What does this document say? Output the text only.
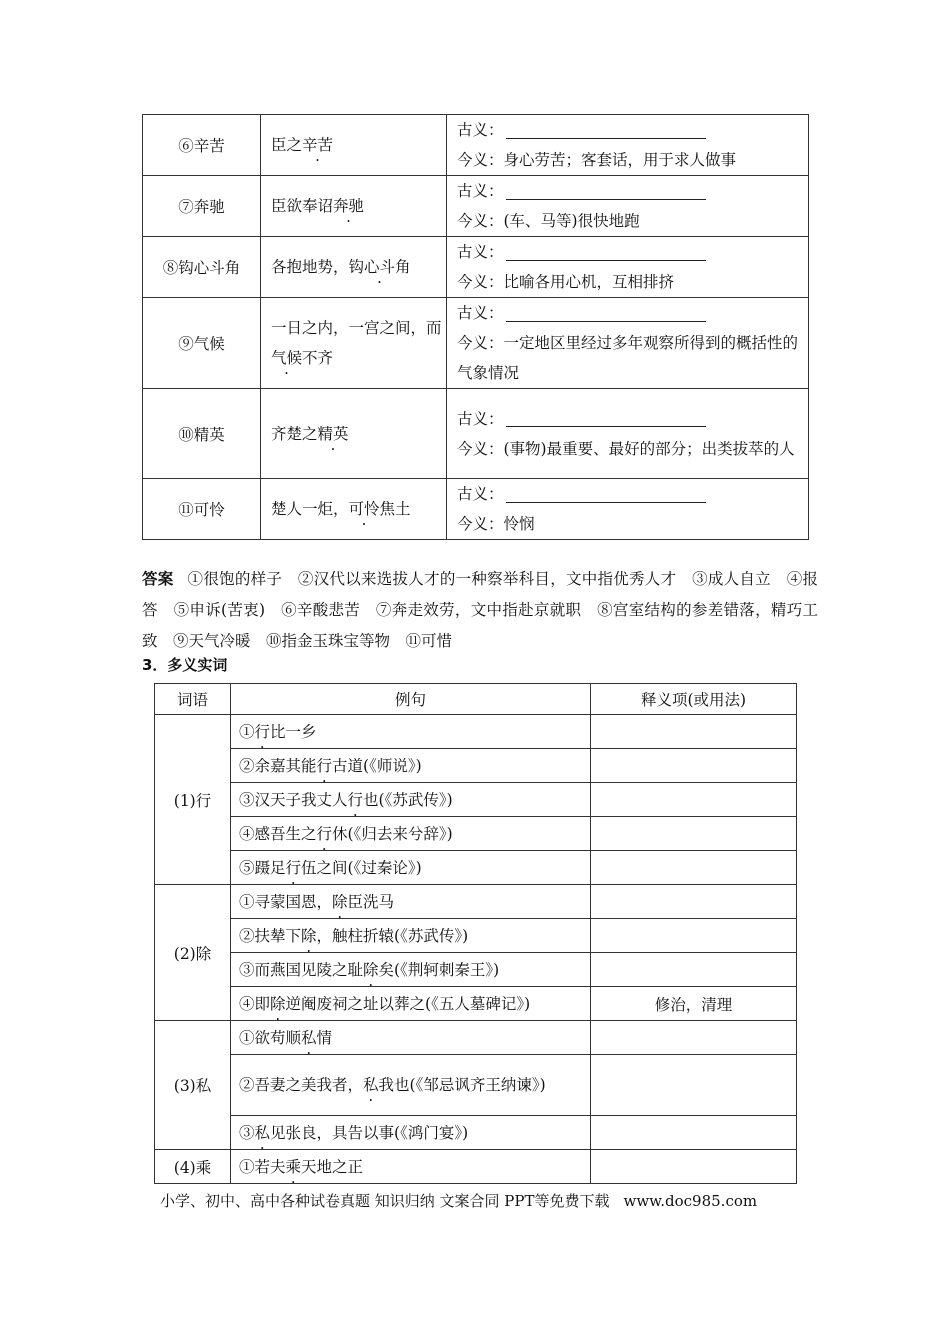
⑥辛苦	臣之辛苦	古义：
今义：身心劳苦；客套话，用于求人做事

⑦奔驰	臣欲奉诏奔驰	古义：
今义：(车、马等)很快地跑

⑧钩心斗角	各抱地势，钩心斗角	古义：
今义：比喻各用心机，互相排挤

⑨气候	一日之内，一宫之间，而气候不齐	古义：
今义：一定地区里经过多年观察所得到的概括性的气象情况

⑩精英	齐楚之精英	古义：
今义：(事物)最重要、最好的部分；出类拔萃的人

⑪可怜	楚人一炬，可怜焦土	古义：
今义：怜悯
答案 ①很饱的样子　②汉代以来选拔人才的一种察举科目，文中指优秀人才　③成人自立　④报答　⑤申诉(苦衷)　⑥辛酸悲苦　⑦奔走效劳，文中指赴京就职　⑧宫室结构的参差错落，精巧工致　⑨天气冷暖　⑩指金玉珠宝等物　⑪可惜
3．多义实词
词语	例句	释义项(或用法)
(1)行	①行比一乡	
	②余嘉其能行古道(《师说》)	
	③汉天子我丈人行也(《苏武传》)	
	④感吾生之行休(《归去来兮辞》)	
	⑤蹑足行伍之间(《过秦论》)	
(2)除	①寻蒙国恩，除臣洗马	
	②扶辇下除，触柱折辕(《苏武传》)	
	③而燕国见陵之耻除矣(《荆轲刺秦王》)	
	④即除逆阉废祠之址以葬之(《五人墓碑记》)	修治，清理
(3)私	①欲苟顺私情	
	②吾妻之美我者，私我也(《邹忌讽齐王纳谏》)	
	③私见张良，具告以事(《鸿门宴》)	
(4)乘	①若夫乘天地之正	
小学、初中、高中各种试卷真题 知识归纳 文案合同 PPT等免费下载 www.doc985.com
